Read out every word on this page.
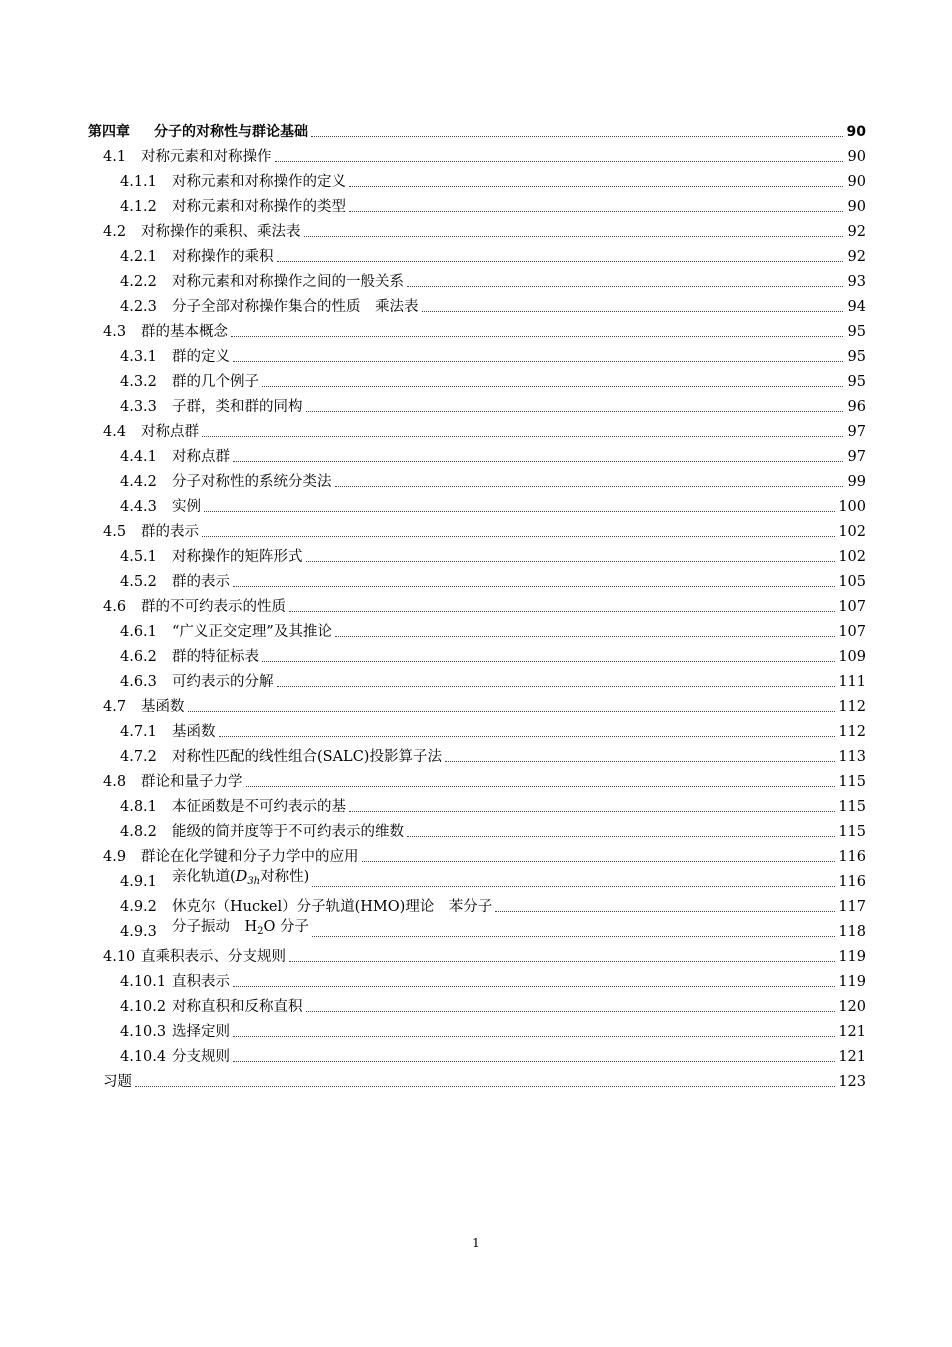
第四章	分子的对称性与群论基础	90
4.1	对称元素和对称操作	90
4.1.1	对称元素和对称操作的定义	90
4.1.2	对称元素和对称操作的类型	90
4.2	对称操作的乘积、乘法表	92
4.2.1	对称操作的乘积	92
4.2.2	对称元素和对称操作之间的一般关系	93
4.2.3	分子全部对称操作集合的性质　乘法表	94
4.3	群的基本概念	95
4.3.1	群的定义	95
4.3.2	群的几个例子	95
4.3.3	子群，类和群的同构	96
4.4	对称点群	97
4.4.1	对称点群	97
4.4.2	分子对称性的系统分类法	99
4.4.3	实例	100
4.5	群的表示	102
4.5.1	对称操作的矩阵形式	102
4.5.2	群的表示	105
4.6	群的不可约表示的性质	107
4.6.1	“广义正交定理”及其推论	107
4.6.2	群的特征标表	109
4.6.3	可约表示的分解	111
4.7	基函数	112
4.7.1	基函数	112
4.7.2	对称性匹配的线性组合(SALC)投影算子法	113
4.8	群论和量子力学	115
4.8.1	本征函数是不可约表示的基	115
4.8.2	能级的简并度等于不可约表示的维数	115
4.9	群论在化学键和分子力学中的应用	116
4.9.1	亲化轨道($D_{3h}$对称性)	116
4.9.2	休克尔（Huckel）分子轨道(HMO)理论　苯分子	117
4.9.3	分子振动　$H_2O$ 分子	118
4.10 直乘积表示、分支规则	119
4.10.1 直积表示	119
4.10.2 对称直积和反称直积	120
4.10.3 选择定则	121
4.10.4 分支规则	121
习题	123
1
